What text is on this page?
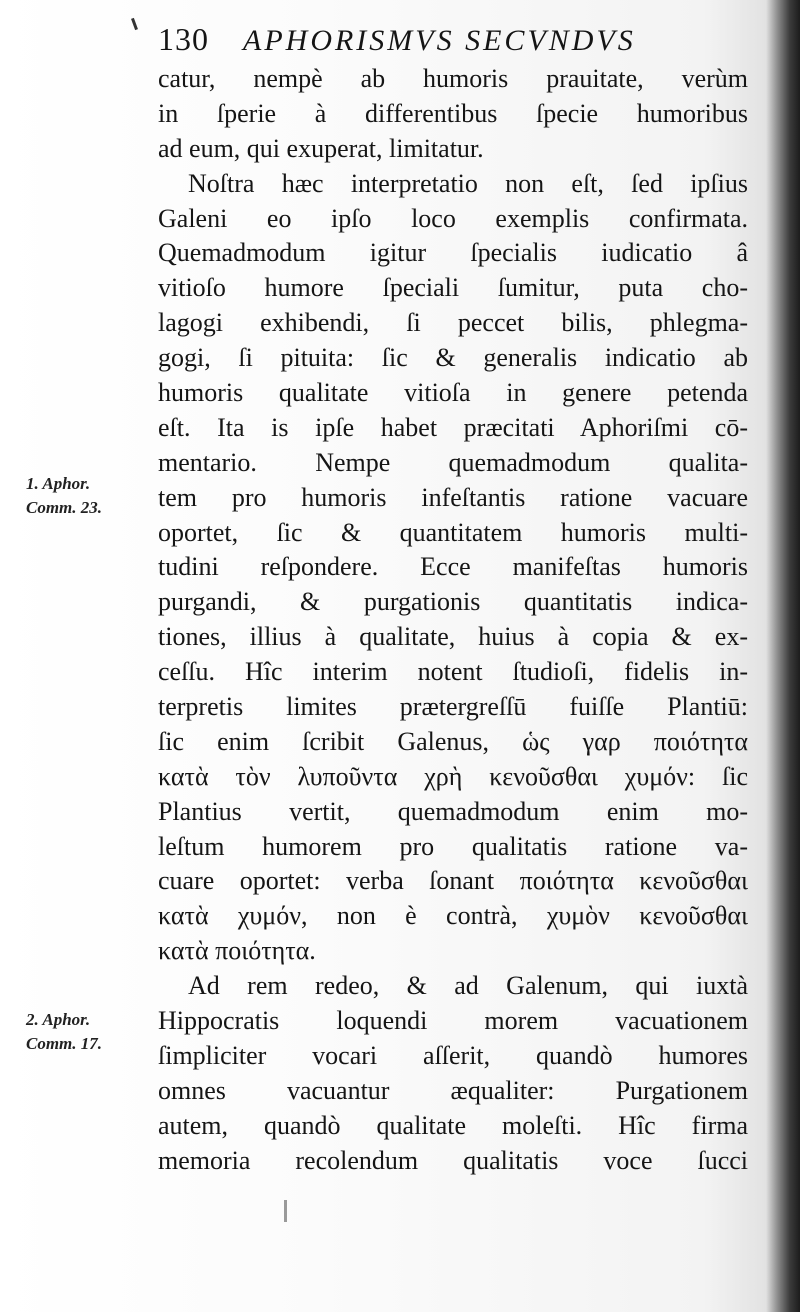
130 APHORISMVS SECVNDVS
catur, nempè ab humoris prauitate, verùm
in ſperie à differentibus ſpecie humoribus
ad eum, qui exuperat, limitatur.
Noſtra hæc interpretatio non eſt, ſed ipſius
Galeni eo ipſo loco exemplis confirmata.
Quemadmodum igitur ſpecialis iudicatio â
vitioſo humore ſpeciali ſumitur, puta cho-
lagogi exhibendi, ſi peccet bilis, phlegma-
gogi, ſi pituita: ſic & generalis indicatio ab
humoris qualitate vitioſa in genere petenda
eſt. Ita is ipſe habet præcitati Aphoriſmi cō-
mentario. Nempe quemadmodum qualita-
tem pro humoris infeſtantis ratione vacuare
oportet, ſic & quantitatem humoris multi-
tudini reſpondere. Ecce manifeſtas humoris
purgandi, & purgationis quantitatis indica-
tiones, illius à qualitate, huius à copia & ex-
ceſſu. Hîc interim notent ſtudioſi, fidelis in-
terpretis limites prætergreſſū fuiſſe Plantiū:
ſic enim ſcribit Galenus, ὡς γαρ ποιότητα
κατὰ τὸν λυποῦντα χρὴ κενοῦσθαι χυμόν: ſic
Plantius vertit, quemadmodum enim mo-
leſtum humorem pro qualitatis ratione va-
cuare oportet: verba ſonant ποιότητα κενοῦσθαι
κατὰ χυμόν, non è contrà, χυμὸν κενοῦσθαι
κατὰ ποιότητα.
Ad rem redeo, & ad Galenum, qui iuxtà
Hippocratis loquendi morem vacuationem
ſimpliciter vocari aſſerit, quandò humores
omnes vacuantur æqualiter: Purgationem
autem, quandò qualitate moleſti. Hîc firma
memoria recolendum qualitatis voce ſucci
1. Aphor.
Comm. 23.
2. Aphor.
Comm. 17.
